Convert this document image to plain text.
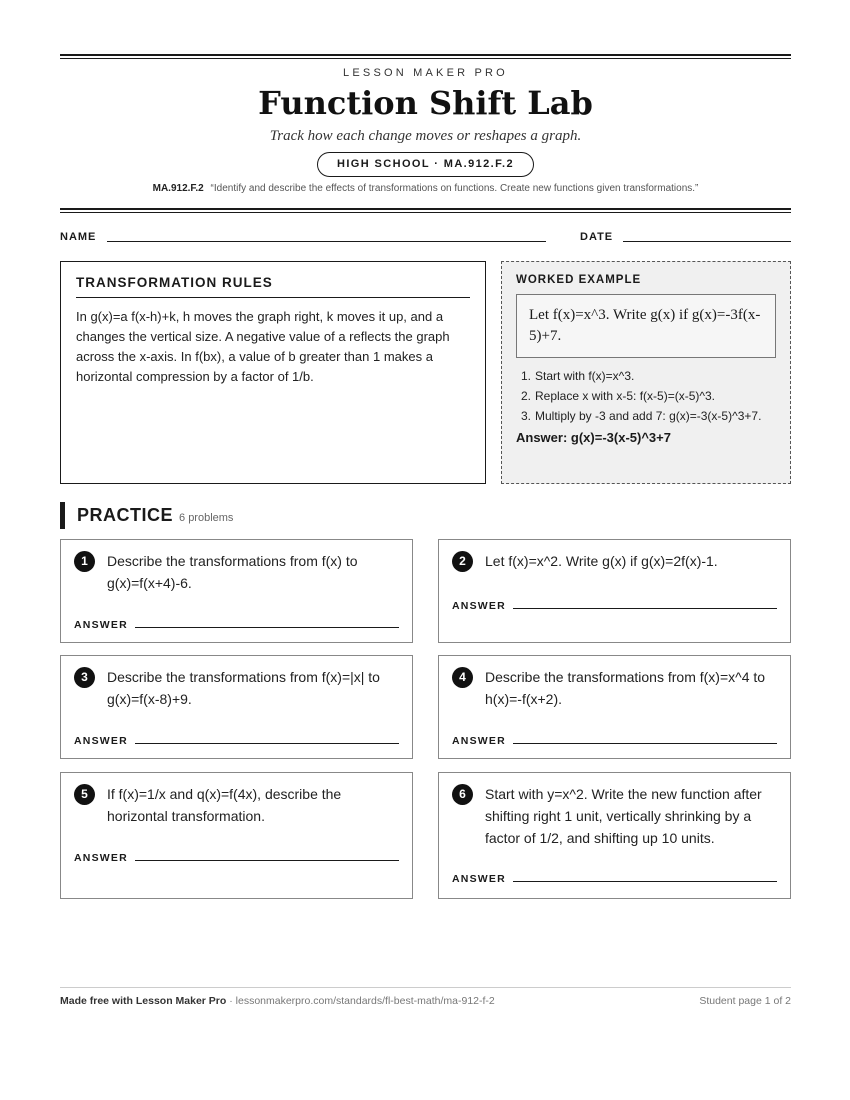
LESSON MAKER PRO
Function Shift Lab
Track how each change moves or reshapes a graph.
HIGH SCHOOL · MA.912.F.2
MA.912.F.2 “Identify and describe the effects of transformations on functions. Create new functions given transformations.”
NAME	DATE
TRANSFORMATION RULES
In g(x)=a f(x-h)+k, h moves the graph right, k moves it up, and a changes the vertical size. A negative value of a reflects the graph across the x-axis. In f(bx), a value of b greater than 1 makes a horizontal compression by a factor of 1/b.
WORKED EXAMPLE
Let f(x)=x^3. Write g(x) if g(x)=-3f(x-5)+7.
1. Start with f(x)=x^3.
2. Replace x with x-5: f(x-5)=(x-5)^3.
3. Multiply by -3 and add 7: g(x)=-3(x-5)^3+7.
Answer: g(x)=-3(x-5)^3+7
PRACTICE 6 problems
1	Describe the transformations from f(x) to g(x)=f(x+4)-6.
ANSWER
2	Let f(x)=x^2. Write g(x) if g(x)=2f(x)-1.
ANSWER
3	Describe the transformations from f(x)=|x| to g(x)=f(x-8)+9.
ANSWER
4	Describe the transformations from f(x)=x^4 to h(x)=-f(x+2).
ANSWER
5	If f(x)=1/x and q(x)=f(4x), describe the horizontal transformation.
ANSWER
6	Start with y=x^2. Write the new function after shifting right 1 unit, vertically shrinking by a factor of 1/2, and shifting up 10 units.
ANSWER
Made free with Lesson Maker Pro · lessonmakerpro.com/standards/fl-best-math/ma-912-f-2	Student page 1 of 2
